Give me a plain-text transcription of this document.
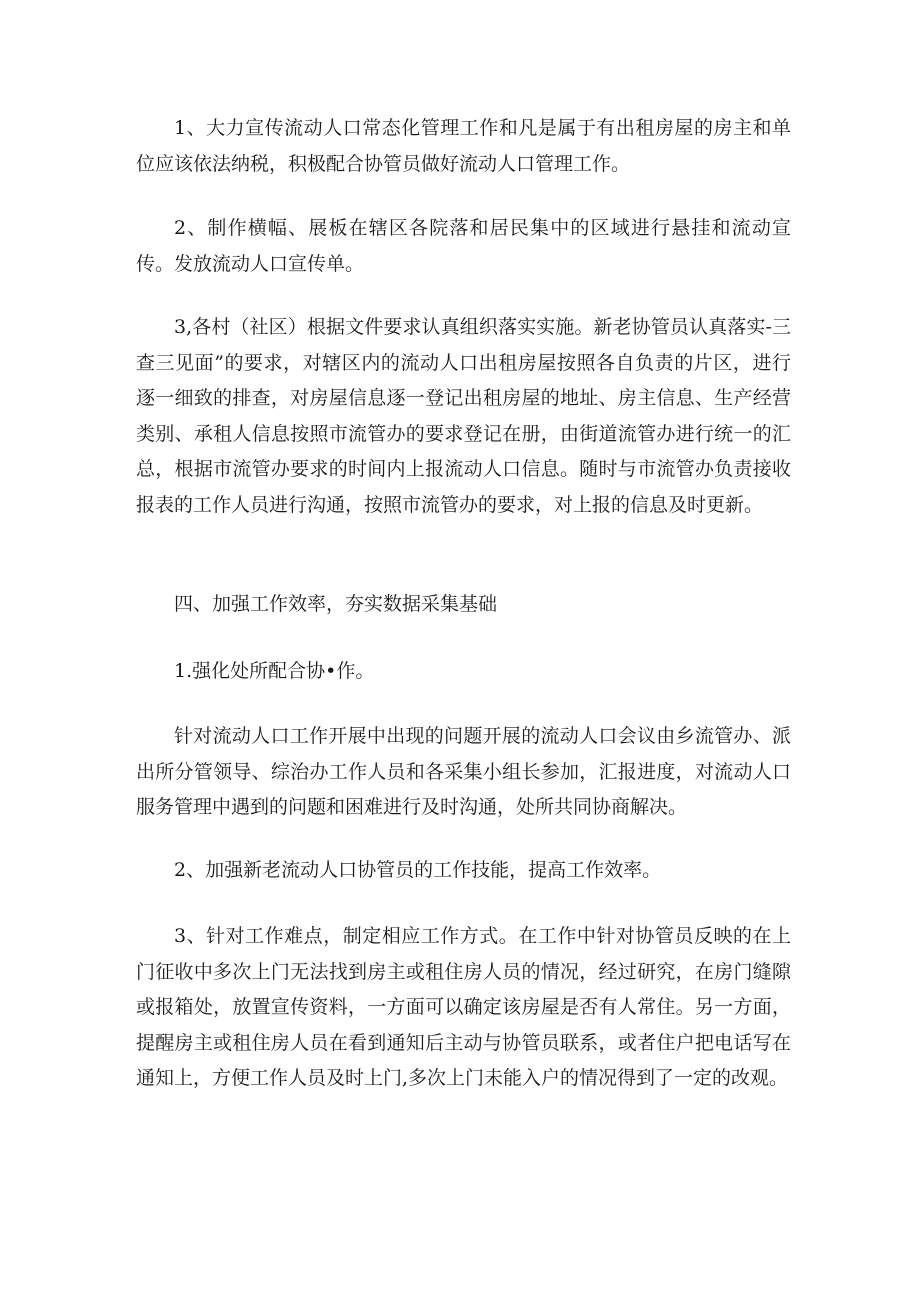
1、大力宣传流动人口常态化管理工作和凡是属于有出租房屋的房主和单位应该依法纳税，积极配合协管员做好流动人口管理工作。

2、制作横幅、展板在辖区各院落和居民集中的区域进行悬挂和流动宣传。发放流动人口宣传单。

3,各村（社区）根据文件要求认真组织落实实施。新老协管员认真落实-三查三见面”的要求，对辖区内的流动人口出租房屋按照各自负责的片区，进行逐一细致的排查，对房屋信息逐一登记出租房屋的地址、房主信息、生产经营类别、承租人信息按照市流管办的要求登记在册，由街道流管办进行统一的汇总，根据市流管办要求的时间内上报流动人口信息。随时与市流管办负责接收报表的工作人员进行沟通，按照市流管办的要求，对上报的信息及时更新。

四、加强工作效率，夯实数据采集基础

1.强化处所配合协•作。

针对流动人口工作开展中出现的问题开展的流动人口会议由乡流管办、派出所分管领导、综治办工作人员和各采集小组长参加，汇报进度，对流动人口服务管理中遇到的问题和困难进行及时沟通，处所共同协商解决。

2、加强新老流动人口协管员的工作技能，提高工作效率。

3、针对工作难点，制定相应工作方式。在工作中针对协管员反映的在上门征收中多次上门无法找到房主或租住房人员的情况，经过研究，在房门缝隙或报箱处，放置宣传资料，一方面可以确定该房屋是否有人常住。另一方面，提醒房主或租住房人员在看到通知后主动与协管员联系，或者住户把电话写在通知上，方便工作人员及时上门,多次上门未能入户的情况得到了一定的改观。
